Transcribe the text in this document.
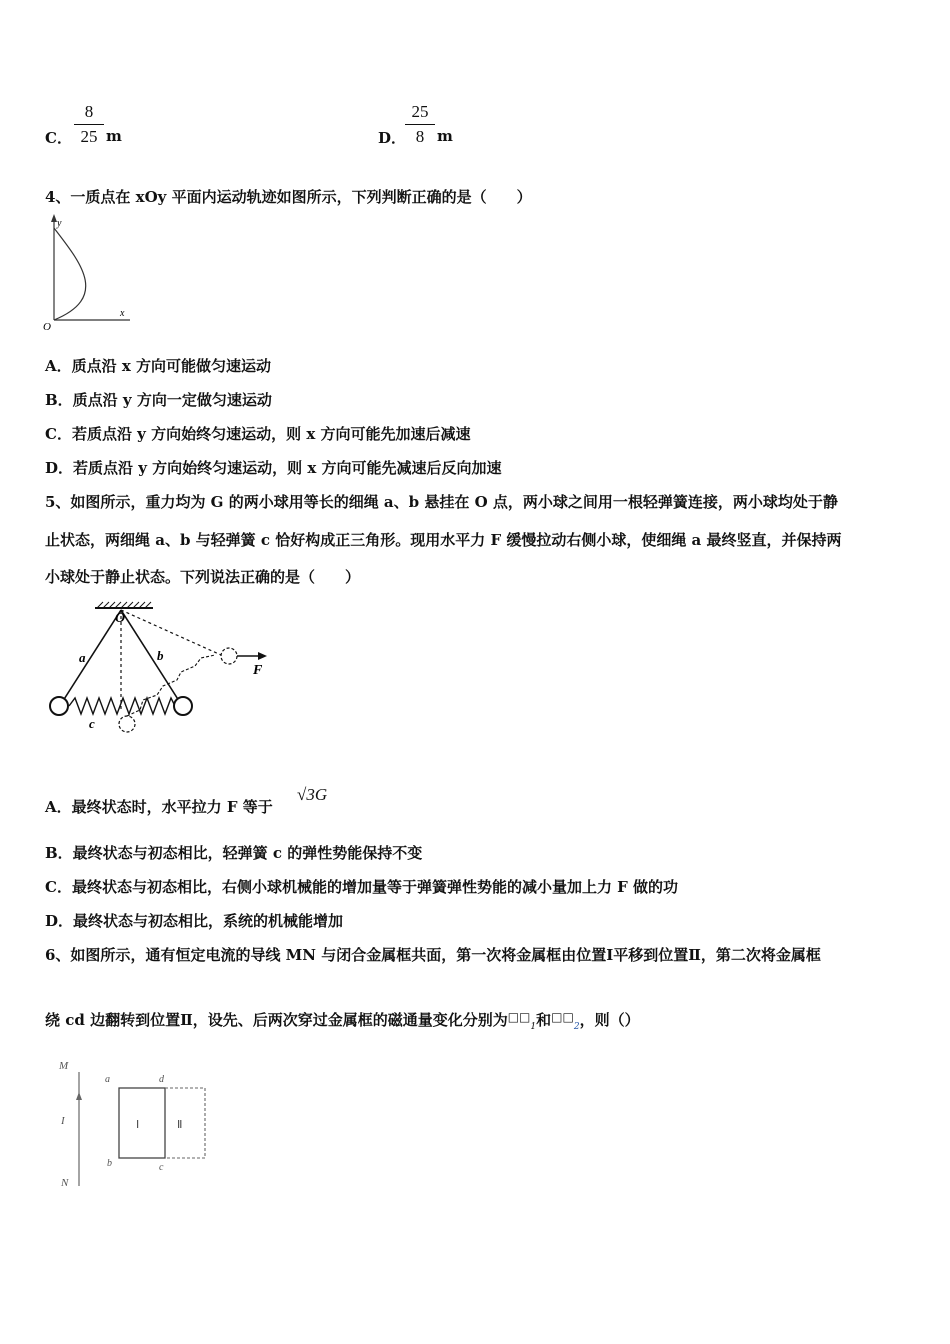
C．
8
25 m	D．
25
8 m
4、一质点在 xOy 平面内运动轨迹如图所示，下列判断正确的是（　　）
y
x
O
A．质点沿 x 方向可能做匀速运动
B．质点沿 y 方向一定做匀速运动
C．若质点沿 y 方向始终匀速运动，则 x 方向可能先加速后减速
D．若质点沿 y 方向始终匀速运动，则 x 方向可能先减速后反向加速
5、如图所示，重力均为 G 的两小球用等长的细绳 a、b 悬挂在 O 点，两小球之间用一根轻弹簧连接，两小球均处于静
止状态，两细绳 a、b 与轻弹簧 c 恰好构成正三角形。现用水平力 F 缓慢拉动右侧小球，使细绳 a 最终竖直，并保持两
小球处于静止状态。下列说法正确的是（　　）
O
a	b
c
F
A．最终状态时，水平拉力 F 等于
√3G
B．最终状态与初态相比，轻弹簧 c 的弹性势能保持不变
C．最终状态与初态相比，右侧小球机械能的增加量等于弹簧弹性势能的减小量加上力 F 做的功
D．最终状态与初态相比，系统的机械能增加
6、如图所示，通有恒定电流的导线 MN 与闭合金属框共面，第一次将金属框由位置Ⅰ平移到位置Ⅱ，第二次将金属框
绕 cd 边翻转到位置Ⅱ，设先、后两次穿过金属框的磁通量变化分别为□□$_1$和□□$_2$，则（）
M
I
N
a	d
b	c
Ⅰ	Ⅱ
